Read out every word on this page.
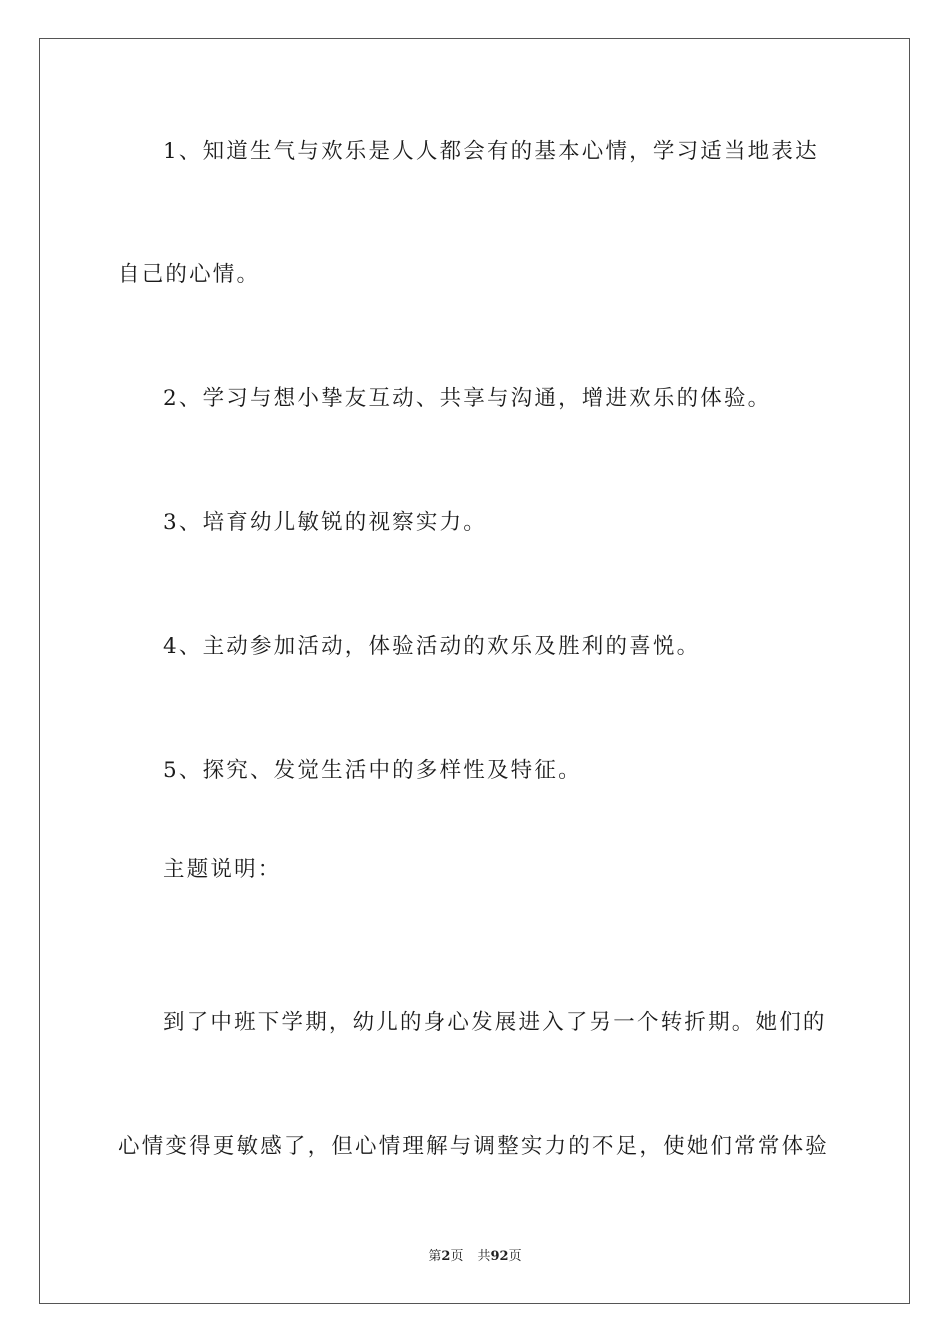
1、知道生气与欢乐是人人都会有的基本心情，学习适当地表达
自己的心情。
2、学习与想小挚友互动、共享与沟通，增进欢乐的体验。
3、培育幼儿敏锐的视察实力。
4、主动参加活动，体验活动的欢乐及胜利的喜悦。
5、探究、发觉生活中的多样性及特征。
主题说明：
到了中班下学期，幼儿的身心发展进入了另一个转折期。她们的
心情变得更敏感了，但心情理解与调整实力的不足，使她们常常体验
第2页 共92页
